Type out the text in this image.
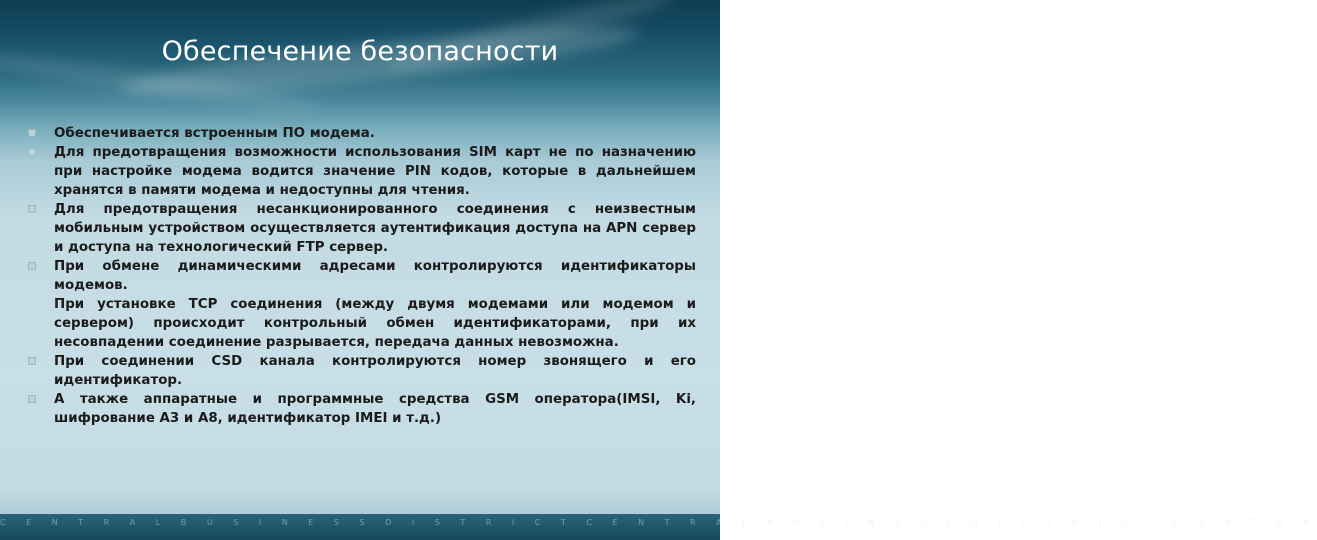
Обеспечение безопасности
Обеспечивается встроенным ПО модема.
Для предотвращения возможности использования SIM карт не по назначению при настройке модема водится значение PIN кодов, которые в дальнейшем хранятся в памяти модема и недоступны для чтения.
Для предотвращения несанкционированного соединения с неизвестным мобильным устройством осуществляется аутентификация доступа на APN сервер и доступа на технологический FTP сервер.
При обмене динамическими адресами контролируются идентификаторы модемов.
При установке TCP соединения (между двумя модемами или модемом и сервером) происходит контрольный обмен идентификаторами, при их несовпадении соединение разрывается, передача данных невозможна.
При соединении CSD канала контролируются номер звонящего и его идентификатор.
А также аппаратные и программные средства GSM оператора(IMSI, Ki, шифрование А3 и А8, идентификатор IMEI и т.д.)
C E N T R A L B U S I N E S S D I S T R I C T C E N T R A L B U S I N E S S D I S T R I C T C E N T R A
